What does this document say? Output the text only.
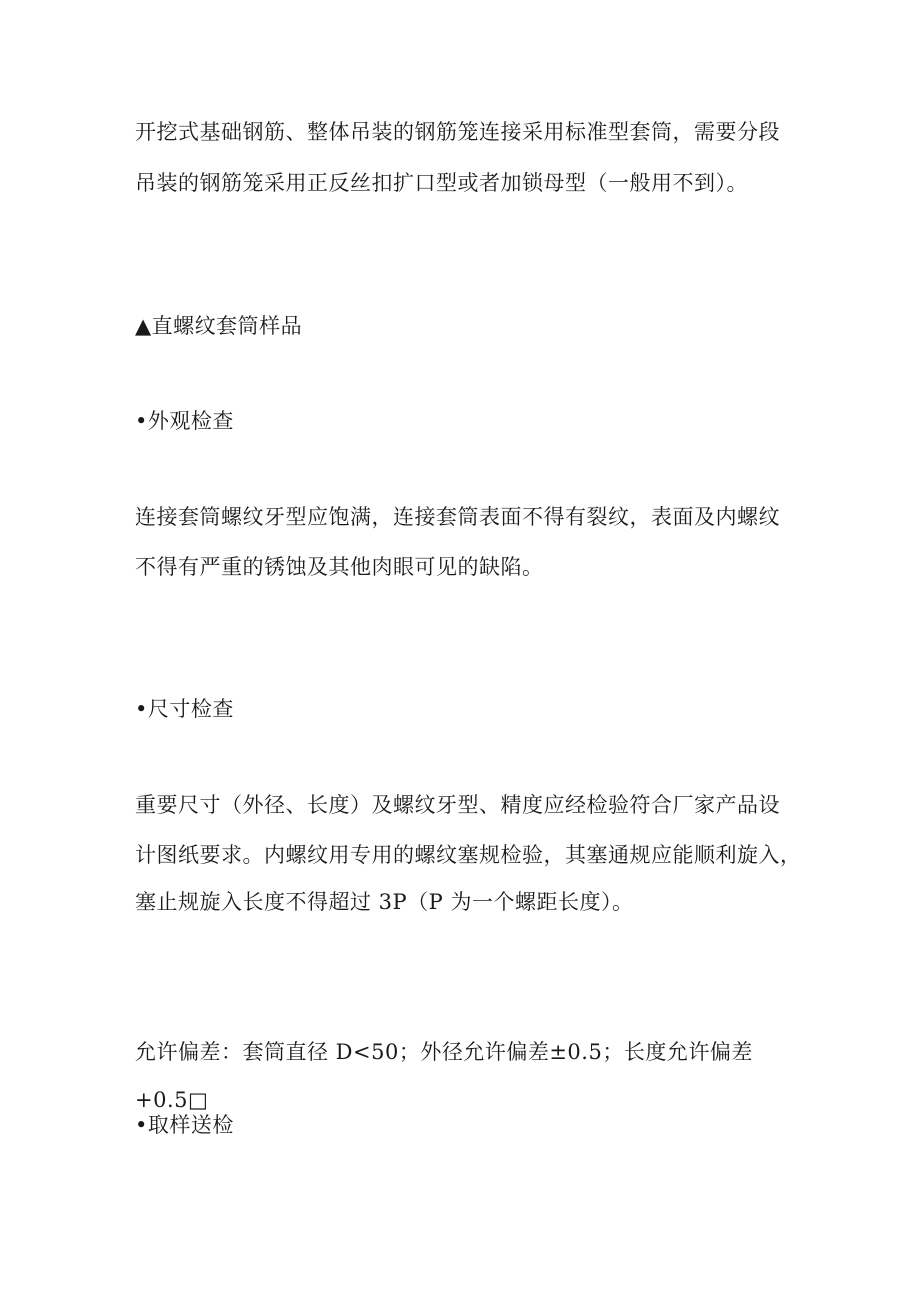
开挖式基础钢筋、整体吊装的钢筋笼连接采用标准型套筒，需要分段
吊装的钢筋笼采用正反丝扣扩口型或者加锁母型（一般用不到）。
▲直螺纹套筒样品
•外观检查
连接套筒螺纹牙型应饱满，连接套筒表面不得有裂纹，表面及内螺纹
不得有严重的锈蚀及其他肉眼可见的缺陷。
•尺寸检查
重要尺寸（外径、长度）及螺纹牙型、精度应经检验符合厂家产品设
计图纸要求。内螺纹用专用的螺纹塞规检验，其塞通规应能顺利旋入，
塞止规旋入长度不得超过 3P（P 为一个螺距长度）。
允许偏差：套筒直径 D<50；外径允许偏差±0.5；长度允许偏差
+0.5□
•取样送检
